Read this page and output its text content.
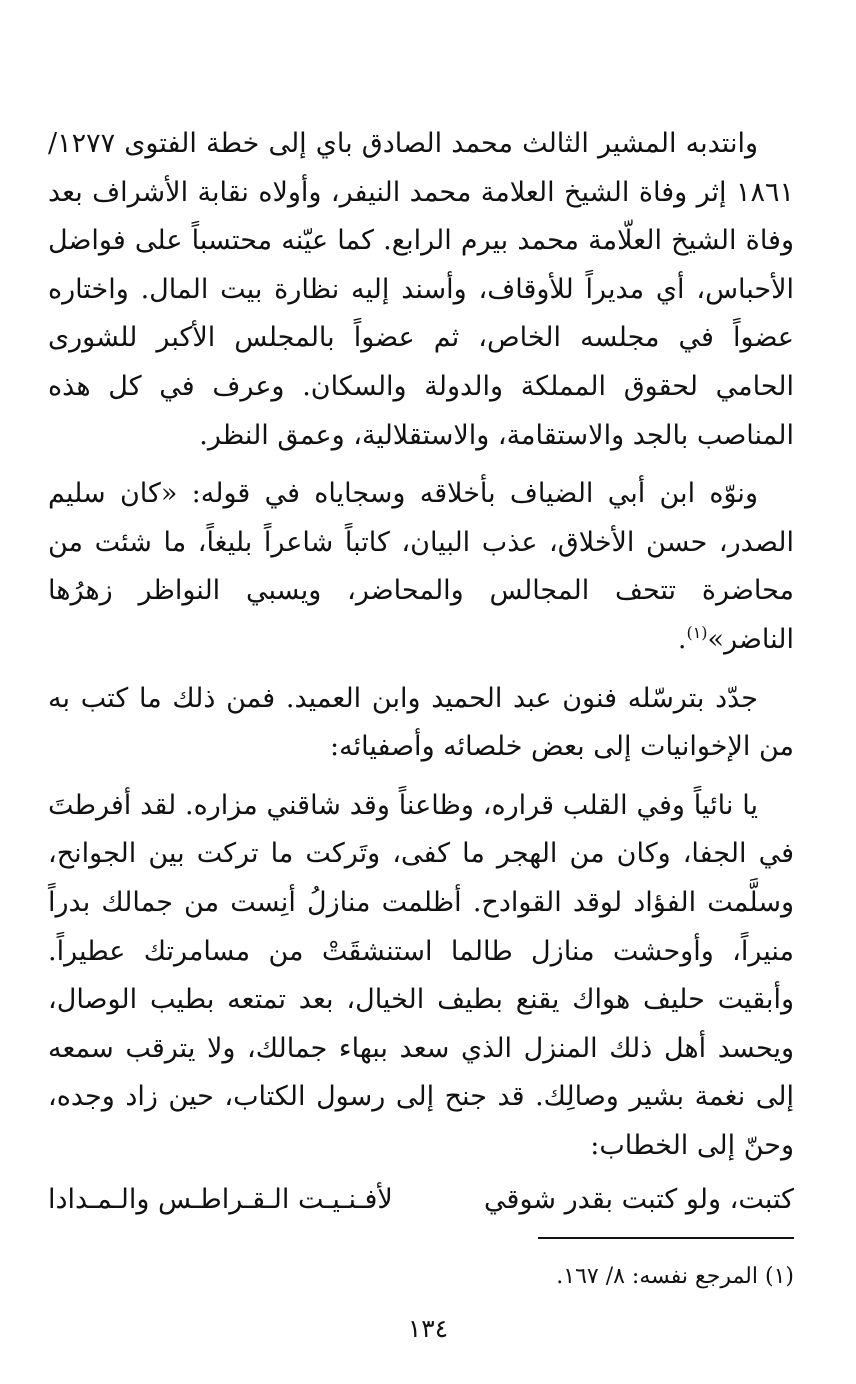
وانتدبه المشير الثالث محمد الصادق باي إلى خطة الفتوى ١٢٧٧/ ١٨٦١ إثر وفاة الشيخ العلامة محمد النيفر، وأولاه نقابة الأشراف بعد وفاة الشيخ العلّامة محمد بيرم الرابع. كما عيّنه محتسباً على فواضل الأحباس، أي مديراً للأوقاف، وأسند إليه نظارة بيت المال. واختاره عضواً في مجلسه الخاص، ثم عضواً بالمجلس الأكبر للشورى الحامي لحقوق المملكة والدولة والسكان. وعرف في كل هذه المناصب بالجد والاستقامة، والاستقلالية، وعمق النظر.

ونوّه ابن أبي الضياف بأخلاقه وسجاياه في قوله: «كان سليم الصدر، حسن الأخلاق، عذب البيان، كاتباً شاعراً بليغاً، ما شئت من محاضرة تتحف المجالس والمحاضر، ويسبي النواظر زهرُها الناضر»$^{(١)}$.

جدّد بترسّله فنون عبد الحميد وابن العميد. فمن ذلك ما كتب به من الإخوانيات إلى بعض خلصائه وأصفيائه:

يا نائياً وفي القلب قراره، وظاعناً وقد شاقني مزاره. لقد أفرطتَ في الجفا، وكان من الهجر ما كفى، وتَركت ما تركت بين الجوانح، وسلَّمت الفؤاد لوقد القوادح. أظلمت منازلُ أنِست من جمالك بدراً منيراً، وأوحشت منازل طالما استنشقَتْ من مسامرتك عطيراً. وأبقيت حليف هواك يقنع بطيف الخيال، بعد تمتعه بطيب الوصال، ويحسد أهل ذلك المنزل الذي سعد ببهاء جمالك، ولا يترقب سمعه إلى نغمة بشير وصالِك. قد جنح إلى رسول الكتاب، حين زاد وجده، وحنّ إلى الخطاب:

كتبت، ولو كتبت بقدر شوقي
لأفـنـيـت الـقـراطـس والـمـدادا
(١) المرجع نفسه: ٨/ ١٦٧.
١٣٤
